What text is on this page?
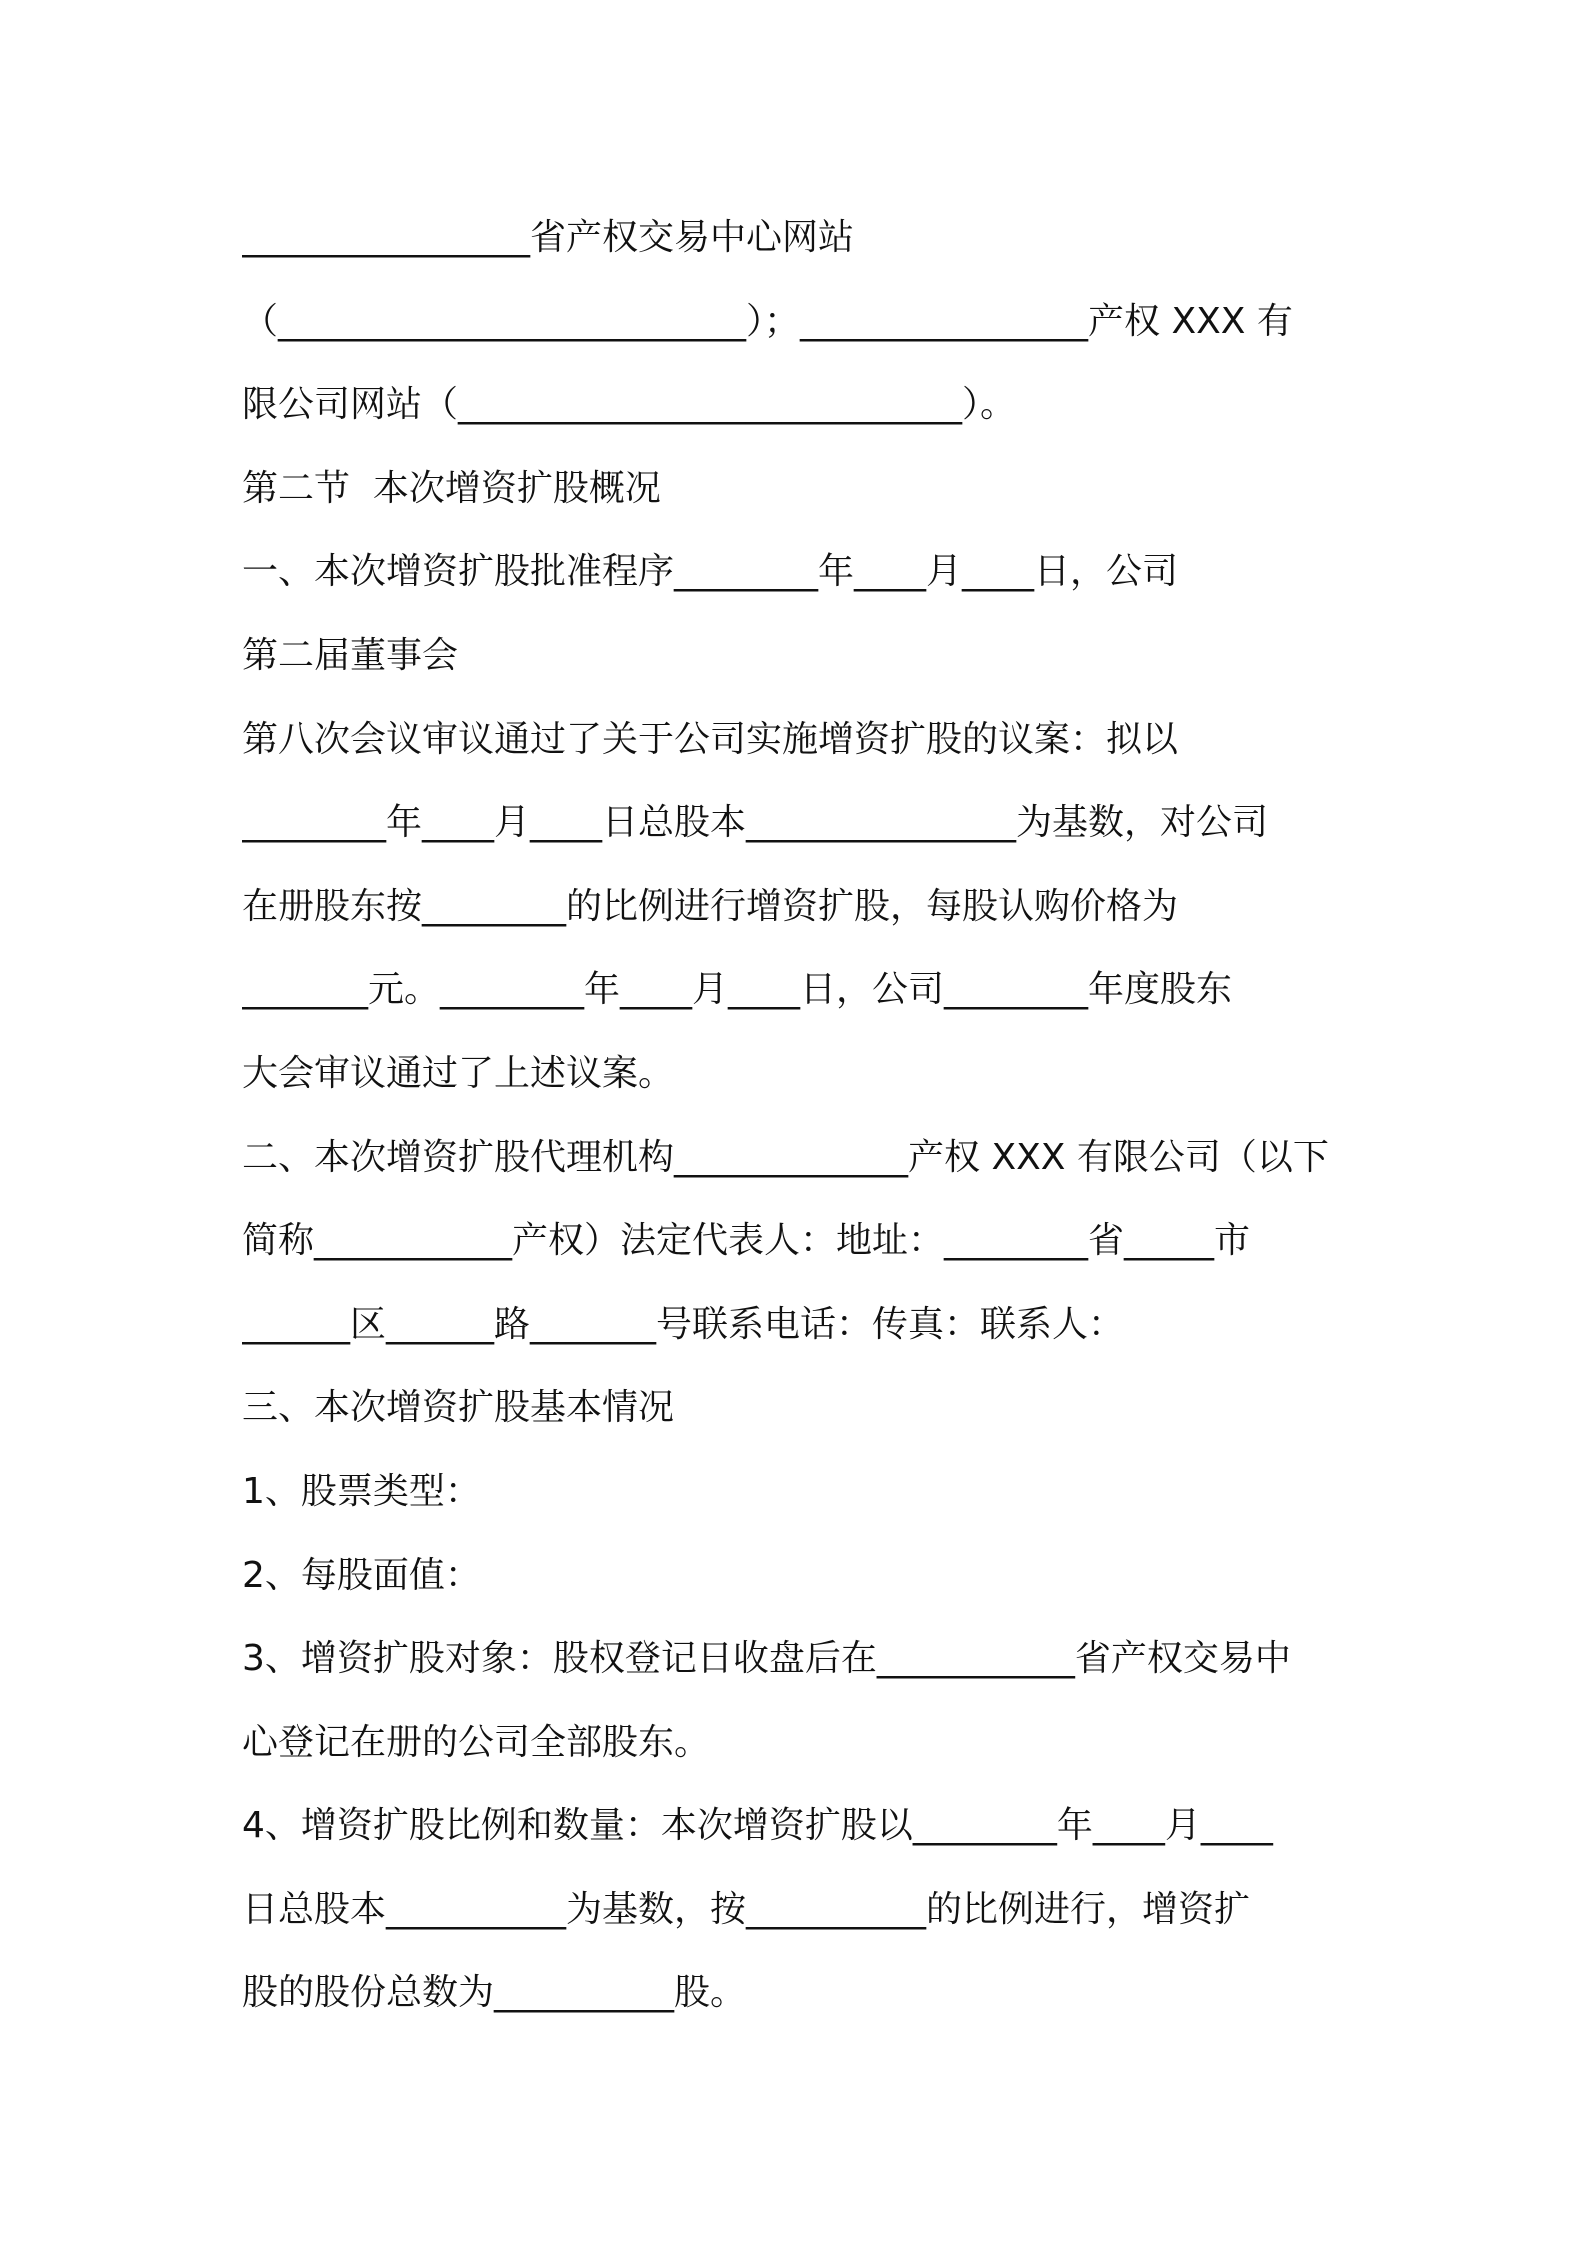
________________省产权交易中心网站
（__________________________）；________________产权 XXX 有
限公司网站（____________________________）。
第二节  本次增资扩股概况
一、本次增资扩股批准程序________年____月____日，公司
第二届董事会
第八次会议审议通过了关于公司实施增资扩股的议案：拟以
________年____月____日总股本_______________为基数，对公司
在册股东按________的比例进行增资扩股，每股认购价格为
_______元。________年____月____日，公司________年度股东
大会审议通过了上述议案。
二、本次增资扩股代理机构_____________产权 XXX 有限公司（以下
简称___________产权）法定代表人：地址：________省_____市
______区______路_______号联系电话：传真：联系人：
三、本次增资扩股基本情况
1、股票类型：
2、每股面值：
3、增资扩股对象：股权登记日收盘后在___________省产权交易中
心登记在册的公司全部股东。
4、增资扩股比例和数量：本次增资扩股以________年____月____
日总股本__________为基数，按__________的比例进行，增资扩
股的股份总数为__________股。
